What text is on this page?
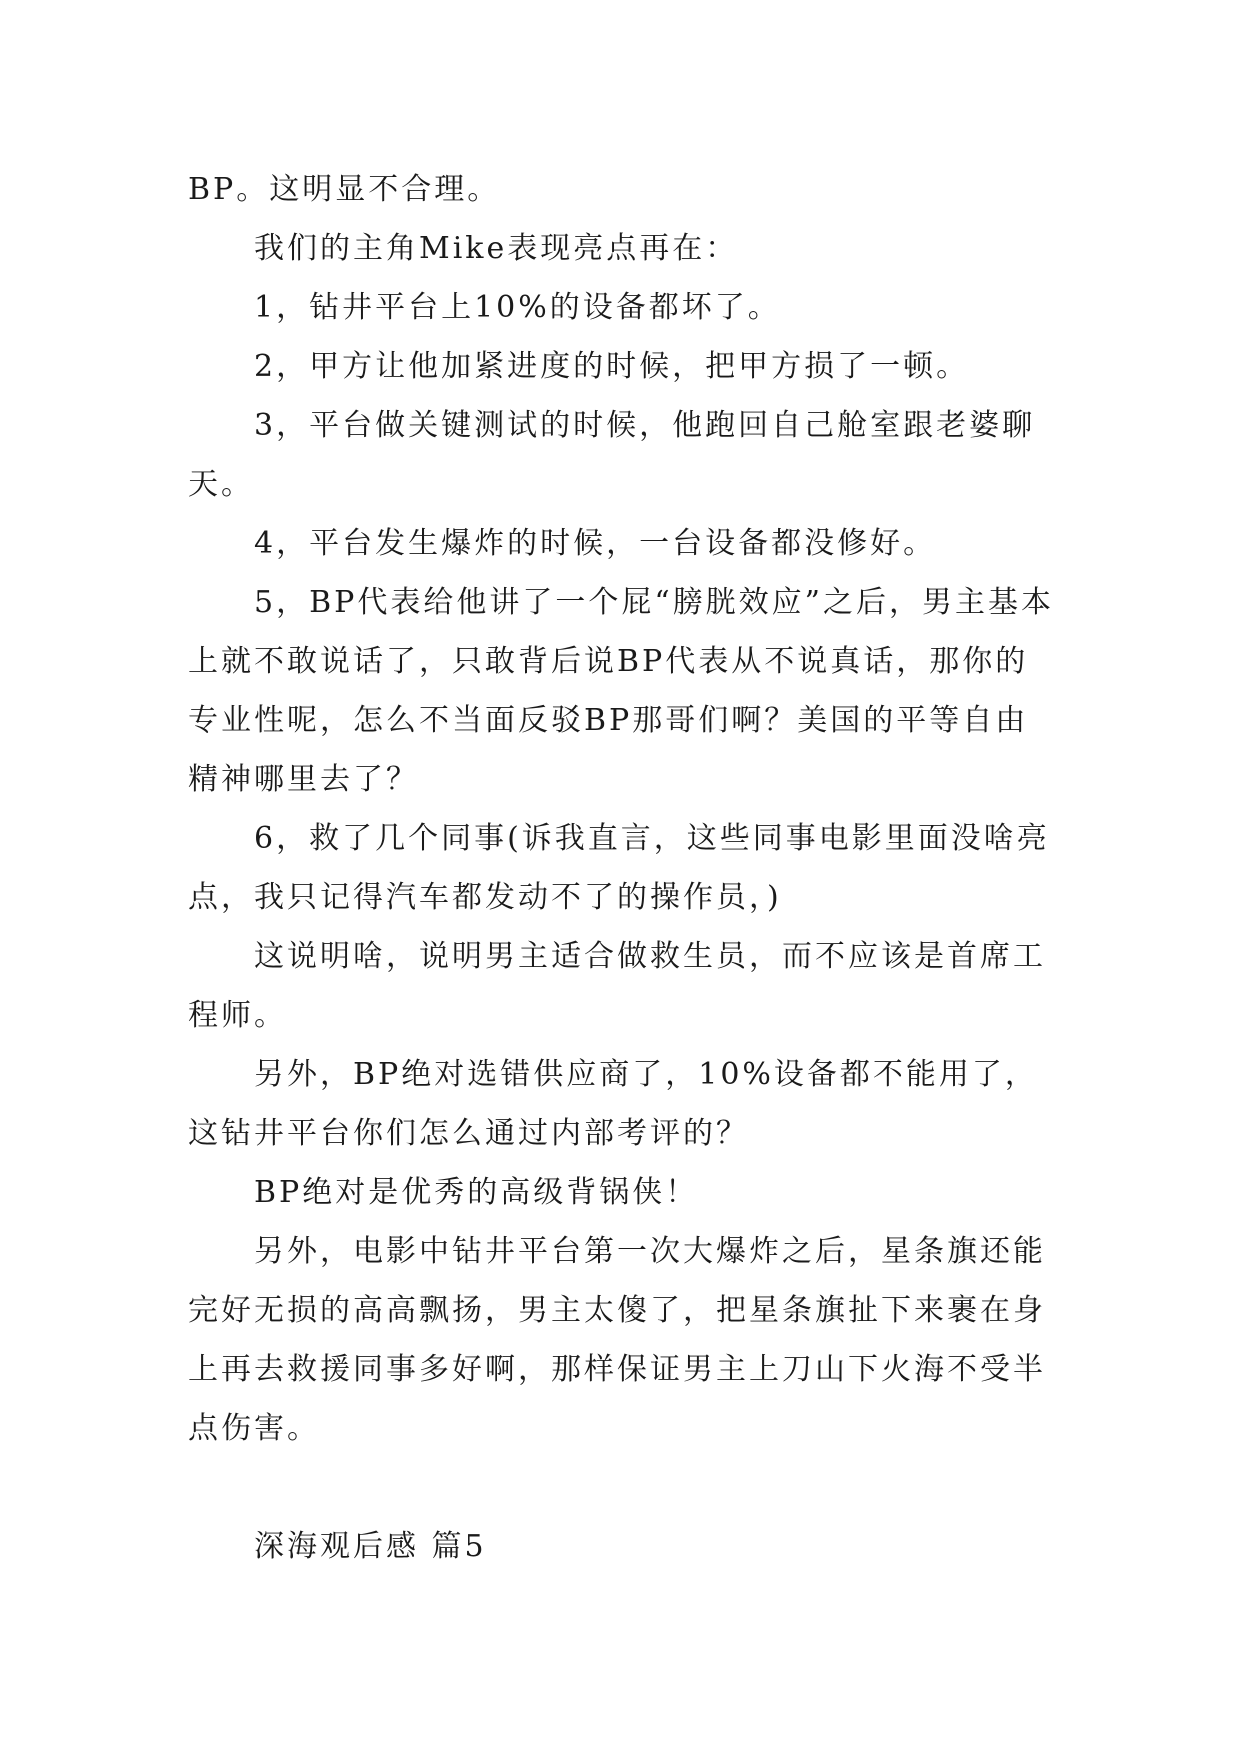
BP。这明显不合理。

我们的主角Mike表现亮点再在：

1，钻井平台上10%的设备都坏了。

2，甲方让他加紧进度的时候，把甲方损了一顿。

3，平台做关键测试的时候，他跑回自己舱室跟老婆聊天。

4，平台发生爆炸的时候，一台设备都没修好。

5，BP代表给他讲了一个屁“膀胱效应”之后，男主基本上就不敢说话了，只敢背后说BP代表从不说真话，那你的专业性呢，怎么不当面反驳BP那哥们啊？美国的平等自由精神哪里去了？

6，救了几个同事(诉我直言，这些同事电影里面没啥亮点，我只记得汽车都发动不了的操作员，)

这说明啥，说明男主适合做救生员，而不应该是首席工程师。

另外，BP绝对选错供应商了，10%设备都不能用了，这钻井平台你们怎么通过内部考评的？

BP绝对是优秀的高级背锅侠！

另外，电影中钻井平台第一次大爆炸之后，星条旗还能完好无损的高高飘扬，男主太傻了，把星条旗扯下来裹在身上再去救援同事多好啊，那样保证男主上刀山下火海不受半点伤害。

深海观后感 篇5
